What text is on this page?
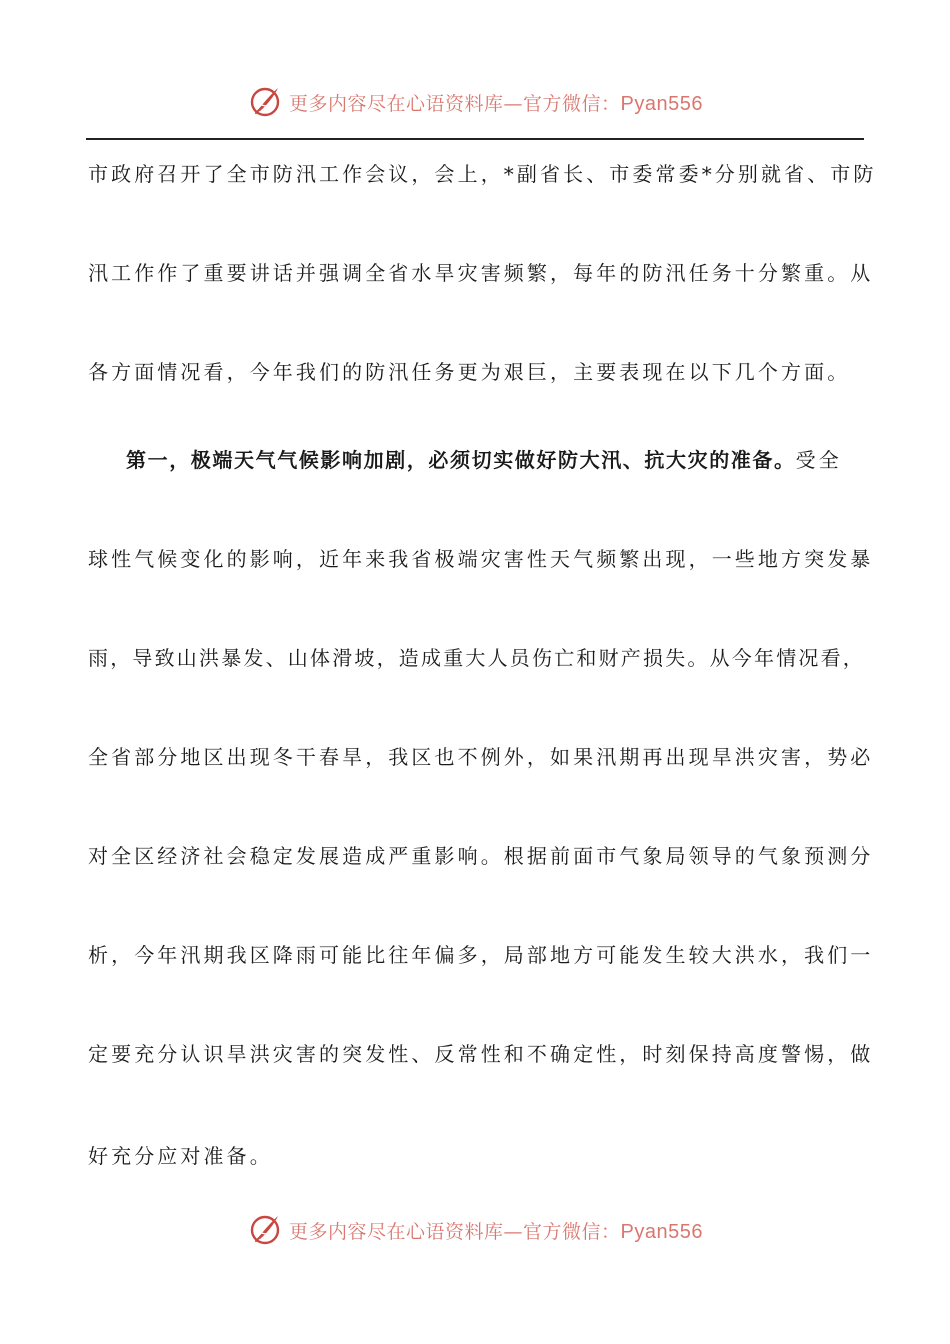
更多内容尽在心语资料库—官方微信：Pyan556
市政府召开了全市防汛工作会议，会上，*副省长、市委常委*分别就省、市防
汛工作作了重要讲话并强调全省水旱灾害频繁，每年的防汛任务十分繁重。从
各方面情况看，今年我们的防汛任务更为艰巨，主要表现在以下几个方面。
第一，极端天气气候影响加剧，必须切实做好防大汛、抗大灾的准备。受全
球性气候变化的影响，近年来我省极端灾害性天气频繁出现，一些地方突发暴
雨，导致山洪暴发、山体滑坡，造成重大人员伤亡和财产损失。从今年情况看，
全省部分地区出现冬干春旱，我区也不例外，如果汛期再出现旱洪灾害，势必
对全区经济社会稳定发展造成严重影响。根据前面市气象局领导的气象预测分
析，今年汛期我区降雨可能比往年偏多，局部地方可能发生较大洪水，我们一
定要充分认识旱洪灾害的突发性、反常性和不确定性，时刻保持高度警惕，做
好充分应对准备。
更多内容尽在心语资料库—官方微信：Pyan556
